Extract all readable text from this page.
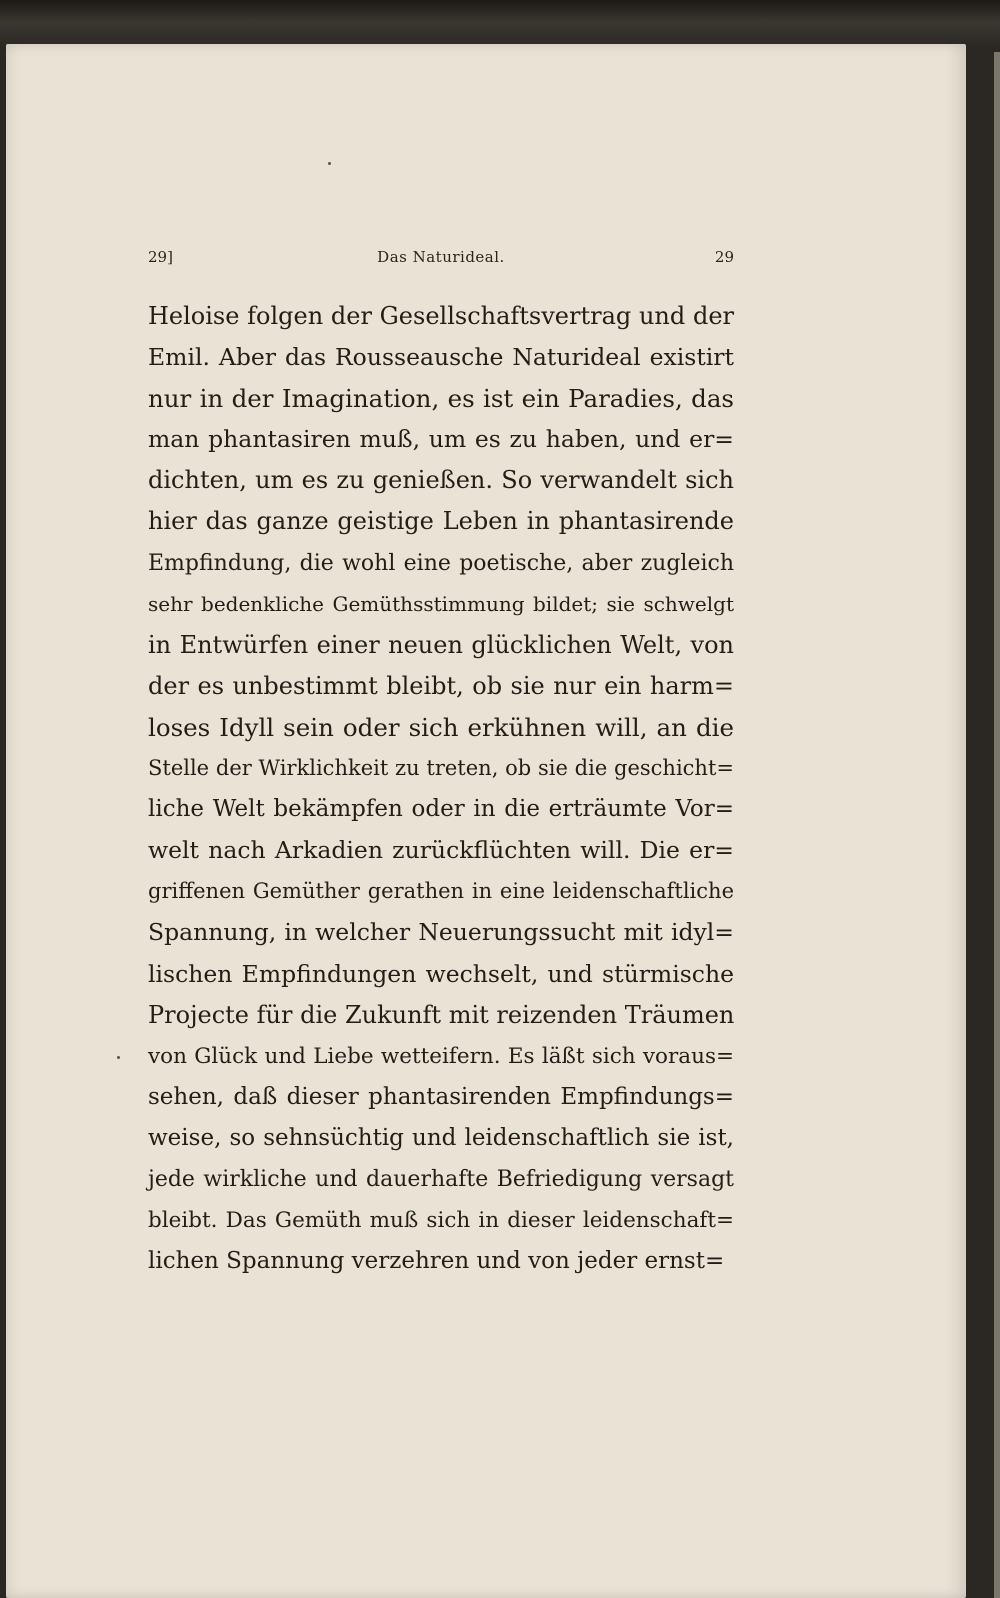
29]	Das Naturideal.	29
Heloise folgen der Gesellschaftsvertrag und der
Emil. Aber das Rousseausche Naturideal existirt
nur in der Imagination, es ist ein Paradies, das
man phantasiren muß, um es zu haben, und er=
dichten, um es zu genießen. So verwandelt sich
hier das ganze geistige Leben in phantasirende
Empfindung, die wohl eine poetische, aber zugleich
sehr bedenkliche Gemüthsstimmung bildet; sie schwelgt
in Entwürfen einer neuen glücklichen Welt, von
der es unbestimmt bleibt, ob sie nur ein harm=
loses Idyll sein oder sich erkühnen will, an die
Stelle der Wirklichkeit zu treten, ob sie die geschicht=
liche Welt bekämpfen oder in die erträumte Vor=
welt nach Arkadien zurückflüchten will. Die er=
griffenen Gemüther gerathen in eine leidenschaftliche
Spannung, in welcher Neuerungssucht mit idyl=
lischen Empfindungen wechselt, und stürmische
Projecte für die Zukunft mit reizenden Träumen
von Glück und Liebe wetteifern. Es läßt sich voraus=
sehen, daß dieser phantasirenden Empfindungs=
weise, so sehnsüchtig und leidenschaftlich sie ist,
jede wirkliche und dauerhafte Befriedigung versagt
bleibt. Das Gemüth muß sich in dieser leidenschaft=
lichen Spannung verzehren und von jeder ernst=
